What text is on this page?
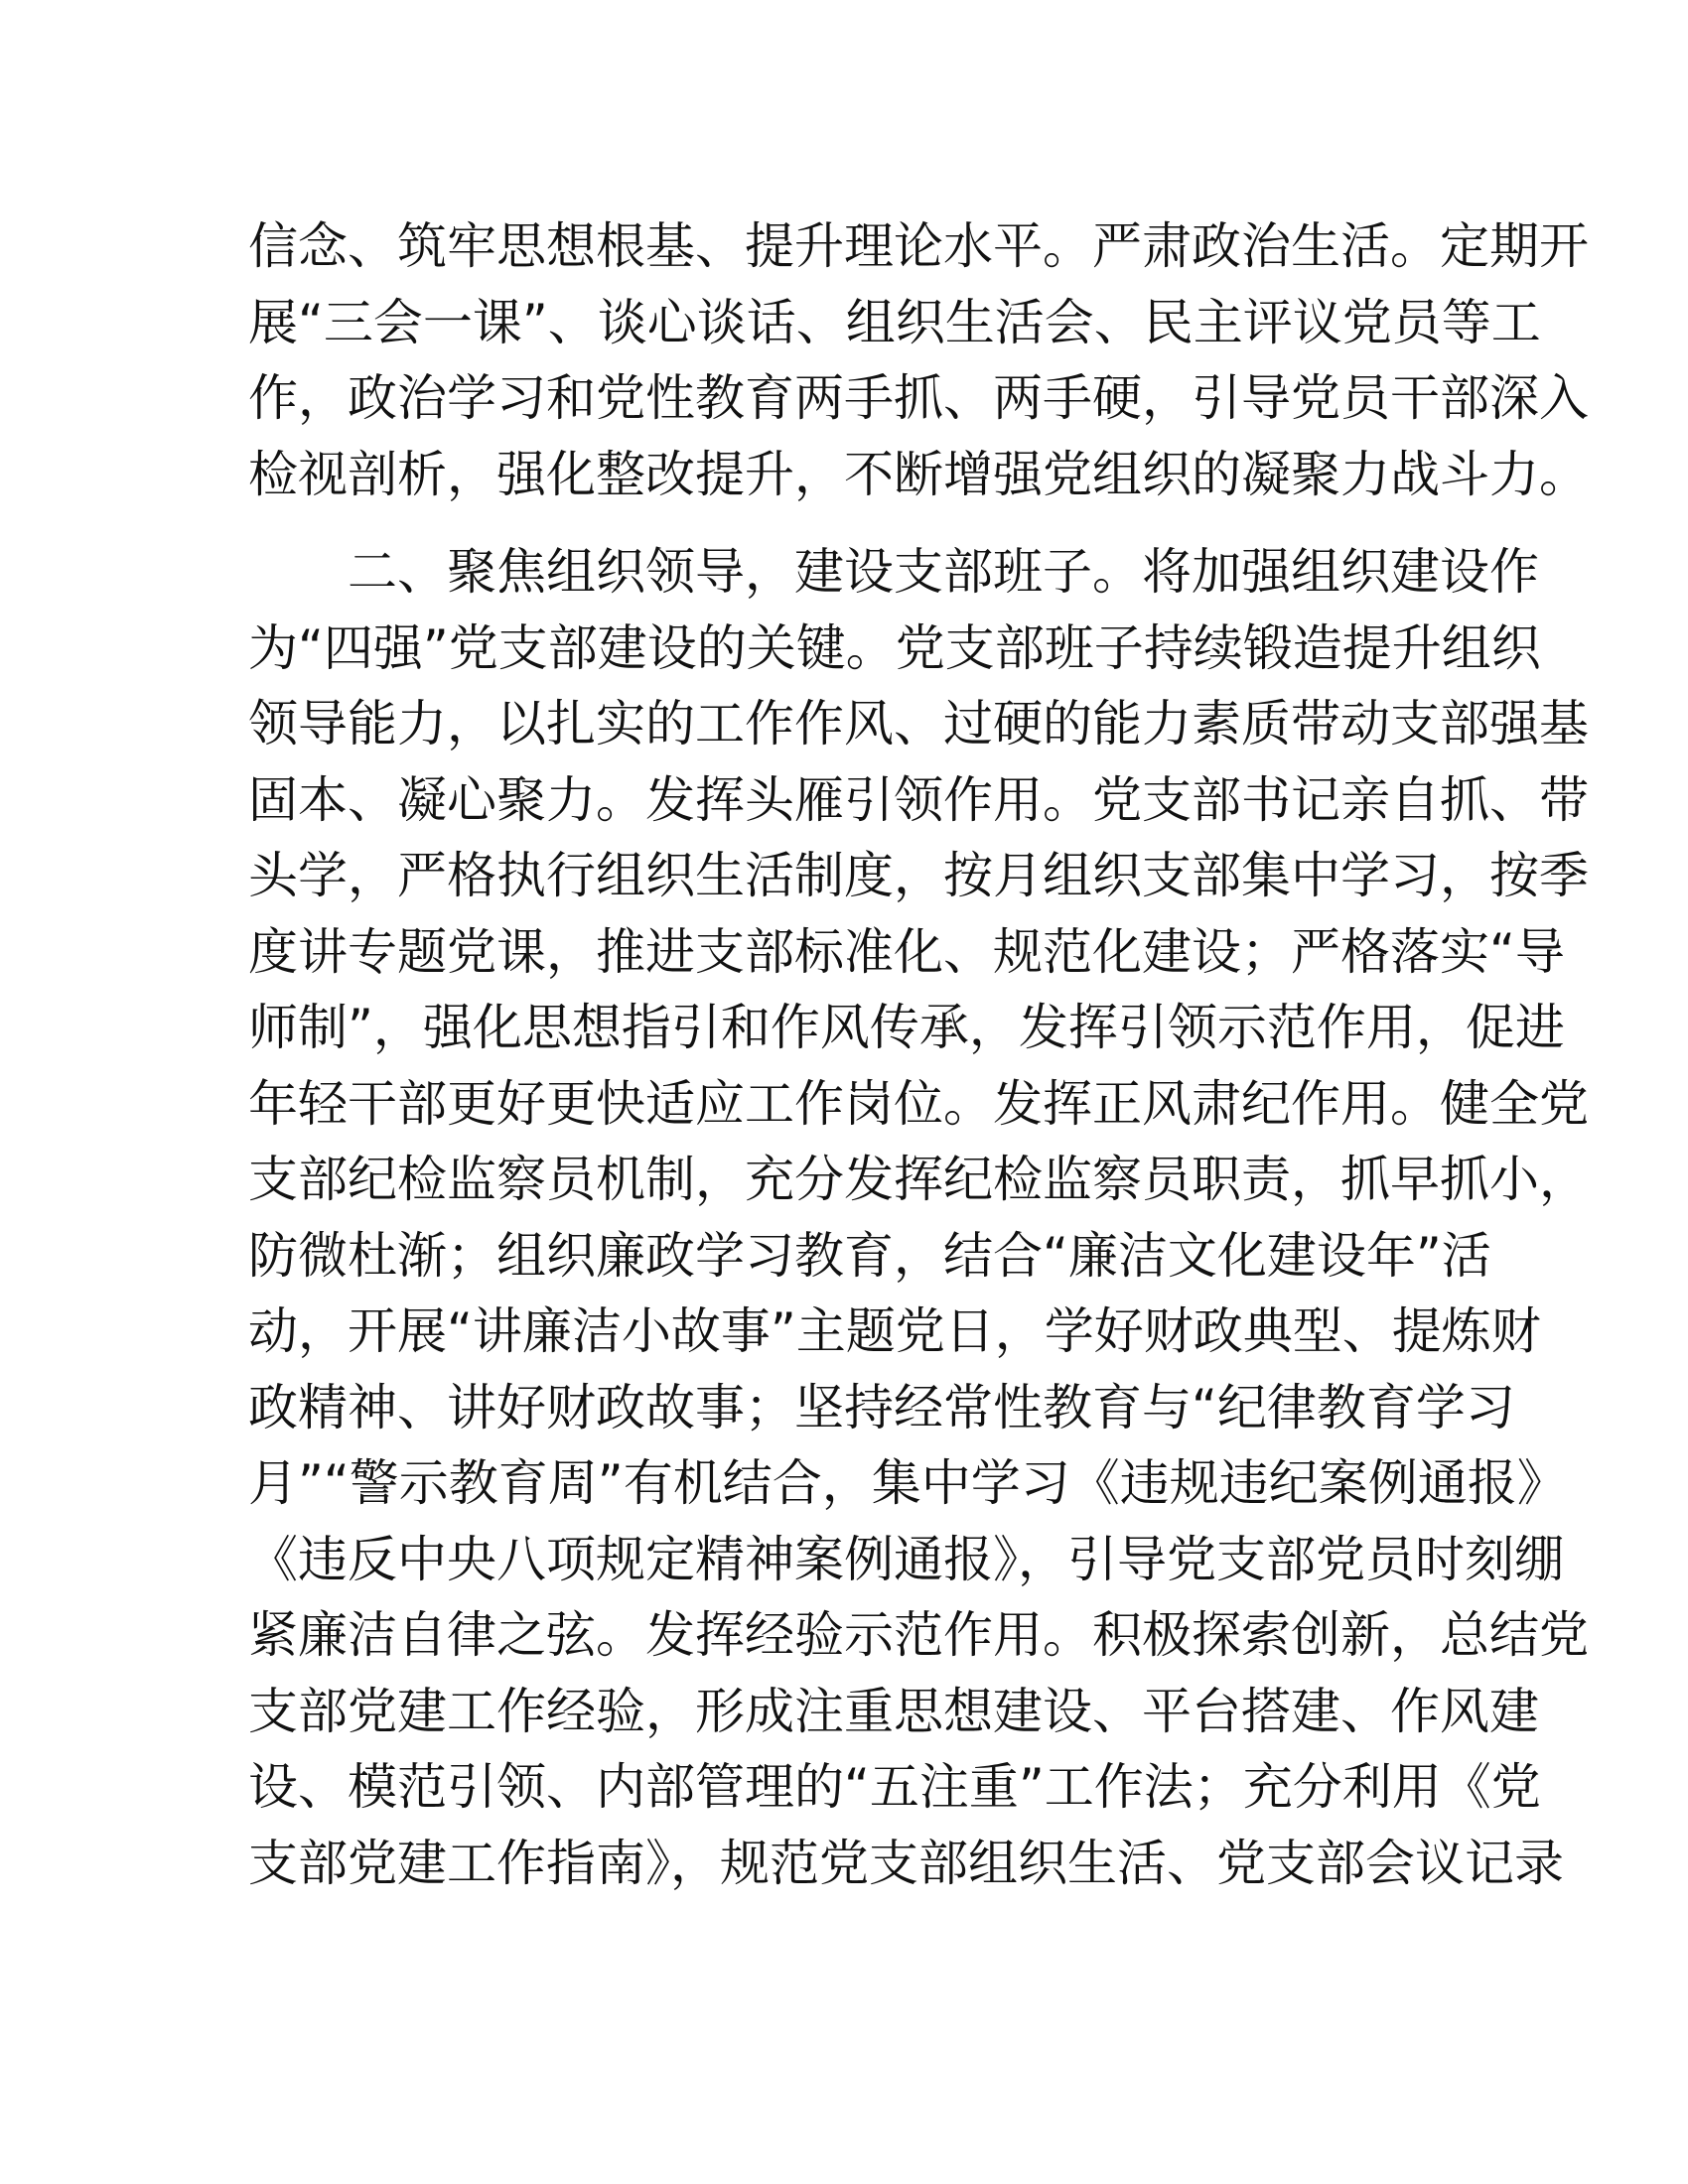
信念、筑牢思想根基、提升理论水平。严肃政治生活。定期开
展“三会一课”、谈心谈话、组织生活会、民主评议党员等工
作，政治学习和党性教育两手抓、两手硬，引导党员干部深入
检视剖析，强化整改提升，不断增强党组织的凝聚力战斗力。
二、聚焦组织领导，建设支部班子。将加强组织建设作
为“四强”党支部建设的关键。党支部班子持续锻造提升组织
领导能力，以扎实的工作作风、过硬的能力素质带动支部强基
固本、凝心聚力。发挥头雁引领作用。党支部书记亲自抓、带
头学，严格执行组织生活制度，按月组织支部集中学习，按季
度讲专题党课，推进支部标准化、规范化建设；严格落实“导
师制”，强化思想指引和作风传承，发挥引领示范作用，促进
年轻干部更好更快适应工作岗位。发挥正风肃纪作用。健全党
支部纪检监察员机制，充分发挥纪检监察员职责，抓早抓小，
防微杜渐；组织廉政学习教育，结合“廉洁文化建设年”活
动，开展“讲廉洁小故事”主题党日，学好财政典型、提炼财
政精神、讲好财政故事；坚持经常性教育与“纪律教育学习
月”“警示教育周”有机结合，集中学习《违规违纪案例通报》
《违反中央八项规定精神案例通报》，引导党支部党员时刻绷
紧廉洁自律之弦。发挥经验示范作用。积极探索创新，总结党
支部党建工作经验，形成注重思想建设、平台搭建、作风建
设、模范引领、内部管理的“五注重”工作法；充分利用《党
支部党建工作指南》，规范党支部组织生活、党支部会议记录
